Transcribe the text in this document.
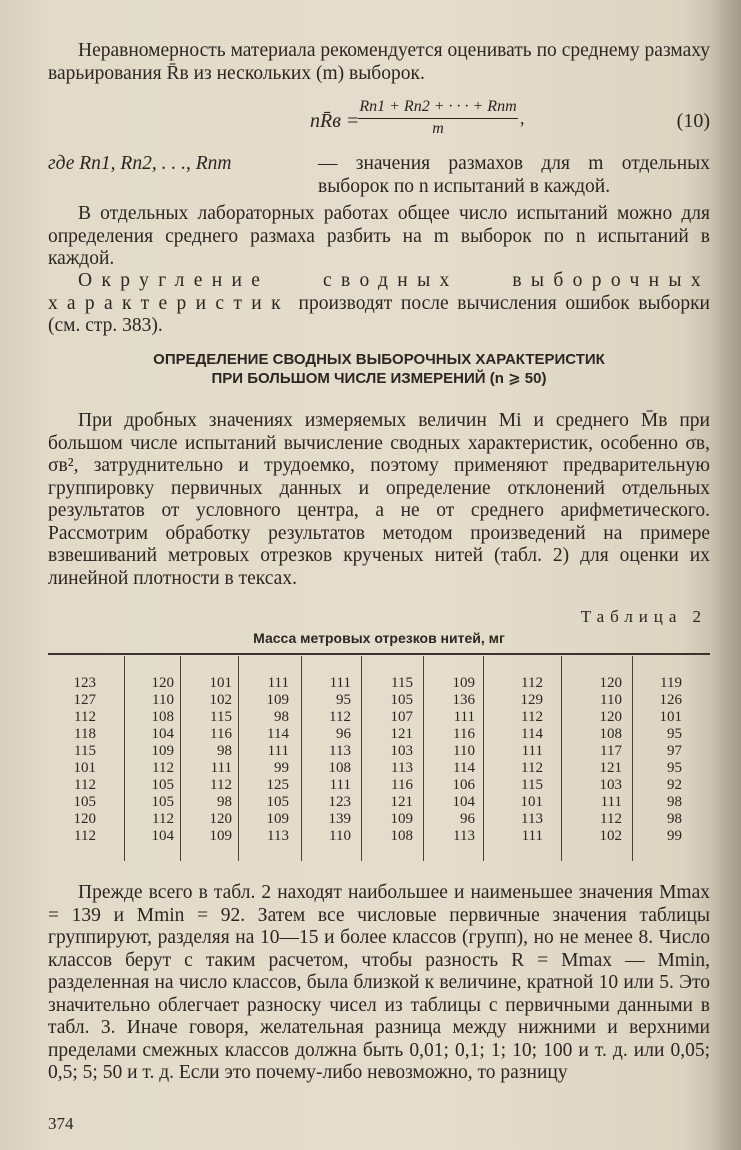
Неравномерность материала рекомендуется оценивать по среднему размаху варьирования R̄в из нескольких (m) выборок.

nR̄в =
Rn1 + Rn2 + · · · + Rnm
m
,	(10)
где Rn1, Rn2, . . ., Rnm	— значения размахов для m отдельных выборок по n испытаний в каждой.

В отдельных лабораторных работах общее число испытаний можно для определения среднего размаха разбить на m выборок по n испытаний в каждой.

Округление сводных выборочных характеристик производят после вычисления ошибок выборки (см. стр. 383).

ОПРЕДЕЛЕНИЕ СВОДНЫХ ВЫБОРОЧНЫХ ХАРАКТЕРИСТИК
ПРИ БОЛЬШОМ ЧИСЛЕ ИЗМЕРЕНИЙ (n ⩾ 50)

При дробных значениях измеряемых величин Mi и среднего M̄в при большом числе испытаний вычисление сводных характеристик, особенно σв, σв², затруднительно и трудоемко, поэтому применяют предварительную группировку первичных данных и определение отклонений отдельных результатов от условного центра, а не от среднего арифметического. Рассмотрим обработку результатов методом произведений на примере взвешиваний метровых отрезков крученых нитей (табл. 2) для оценки их линейной плотности в тексах.

Таблица 2
Масса метровых отрезков нитей, мг
123
127
112
118
115
101
112
105
120
112
120
110
108
104
109
112
105
105
112
104
101
102
115
116
98
111
112
98
120
109
111
109
98
114
111
99
125
105
109
113
111
95
112
96
113
108
111
123
139
110
115
105
107
121
103
113
116
121
109
108
109
136
111
116
110
114
106
104
96
113
112
129
112
114
111
112
115
101
113
111
120
110
120
108
117
121
103
111
112
102
119
126
101
95
97
95
92
98
98
99

Прежде всего в табл. 2 находят наибольшее и наименьшее значения Mmax = 139 и Mmin = 92. Затем все числовые первичные значения таблицы группируют, разделяя на 10—15 и более классов (групп), но не менее 8. Число классов берут с таким расчетом, чтобы разность R = Mmax — Mmin, разделенная на число классов, была близкой к величине, кратной 10 или 5. Это значительно облегчает разноску чисел из таблицы с первичными данными в табл. 3. Иначе говоря, желательная разница между нижними и верхними пределами смежных классов должна быть 0,01; 0,1; 1; 10; 100 и т. д. или 0,05; 0,5; 5; 50 и т. д. Если это почему-либо невозможно, то разницу

374
